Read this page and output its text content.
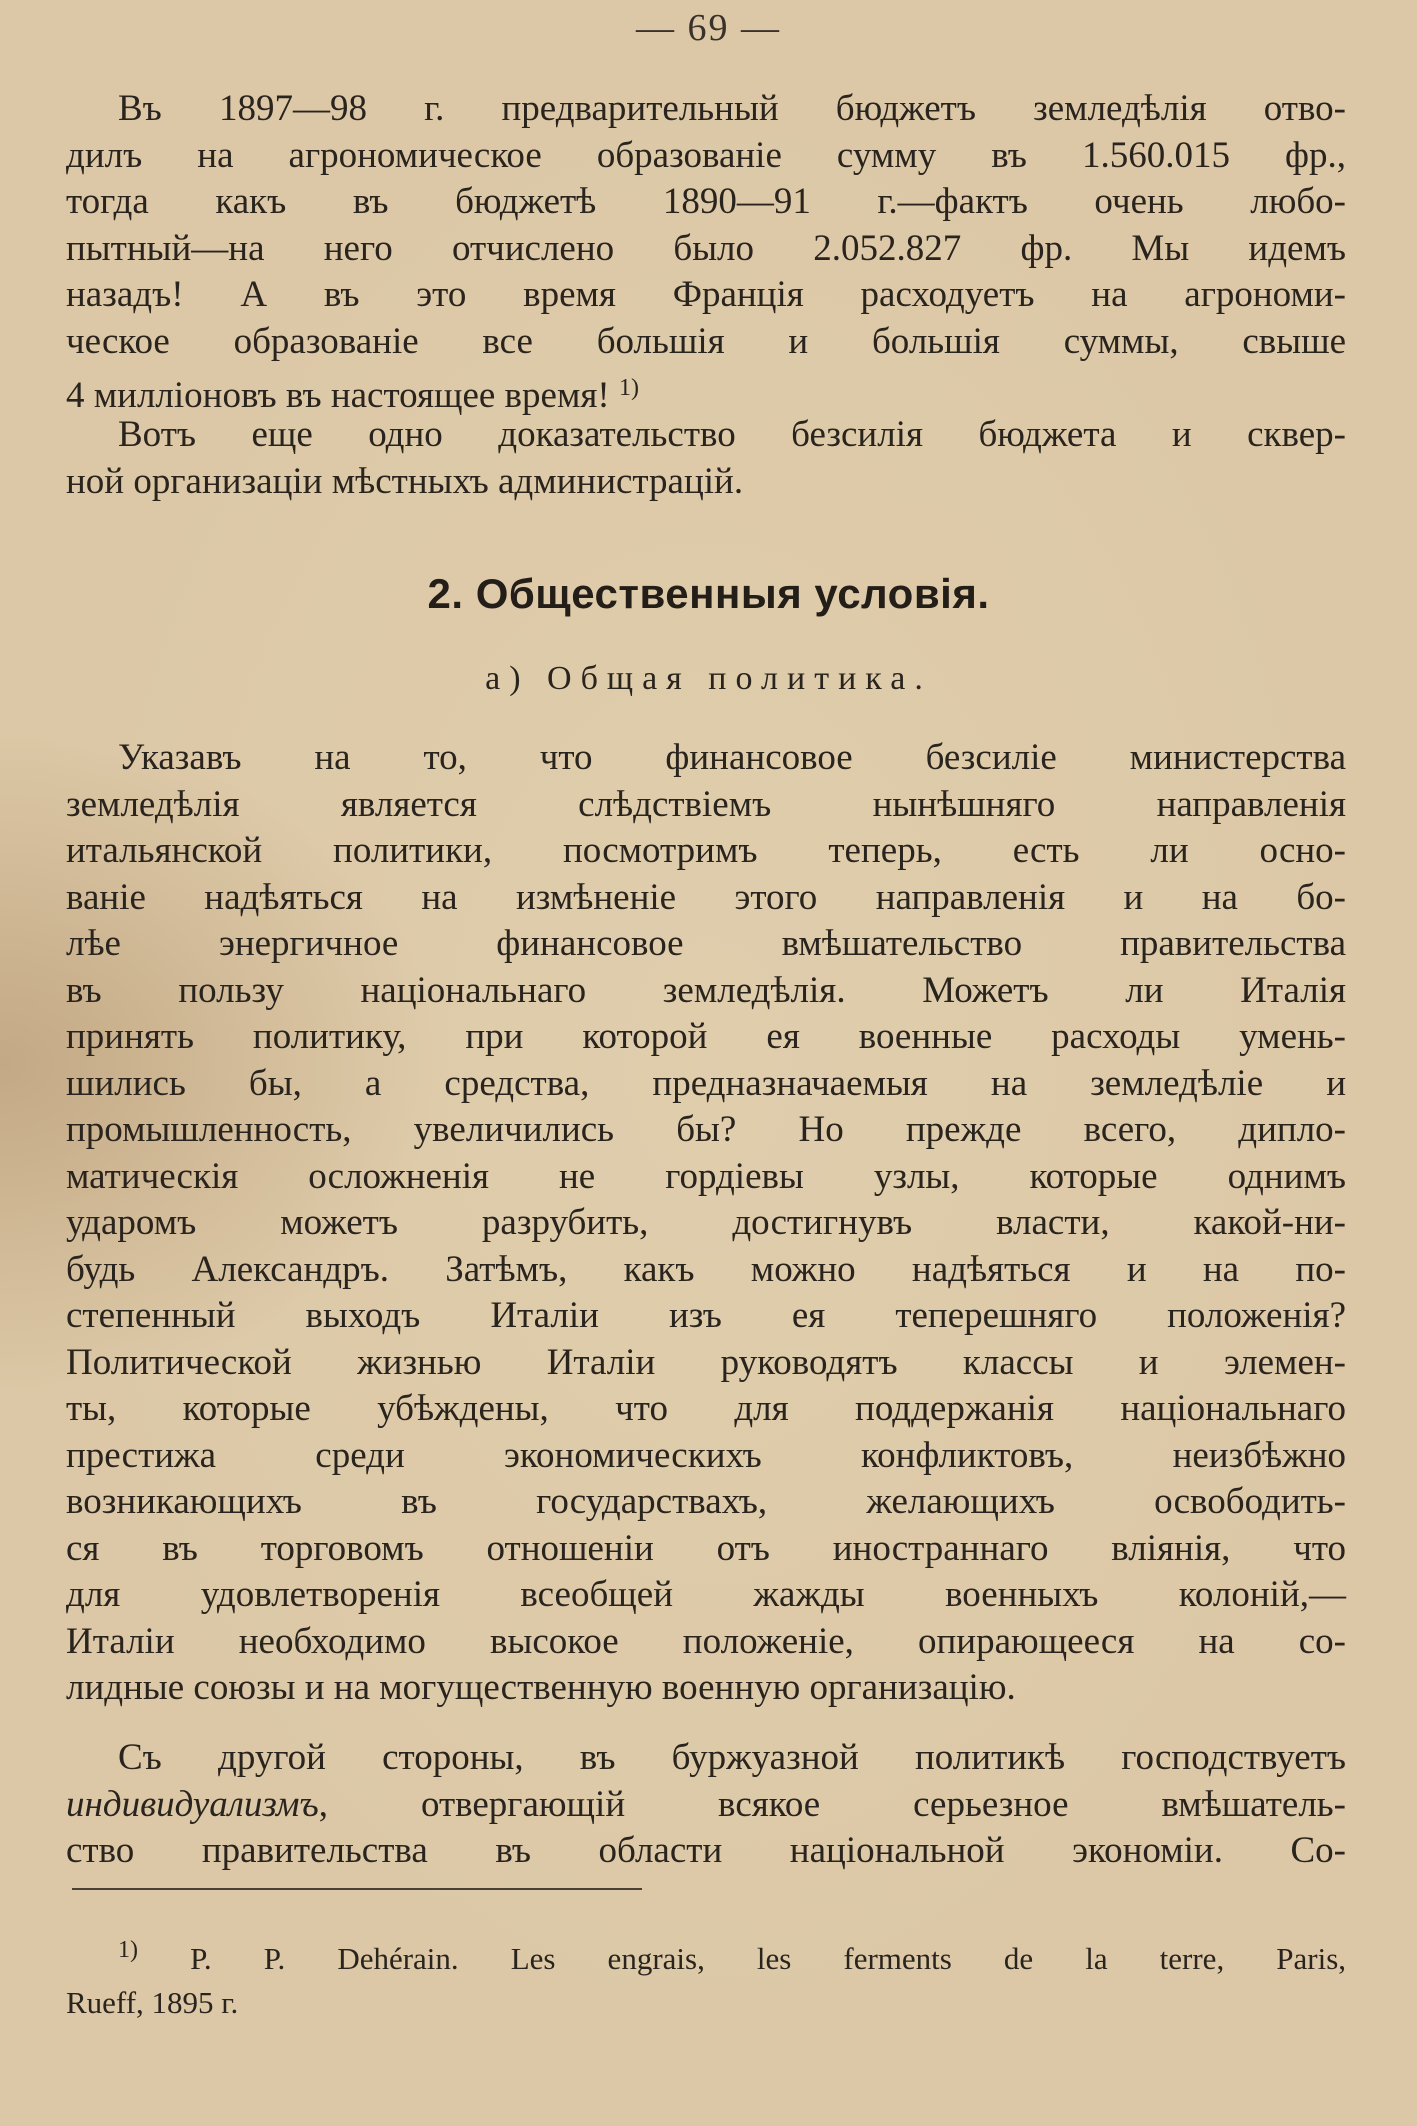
— 69 —
Въ 1897—98 г. предварительный бюджетъ земледѣлія отво-
дилъ на агрономическое образованіе сумму въ 1.560.015 фр.,
тогда какъ въ бюджетѣ 1890—91 г.—фактъ очень любо-
пытный—на него отчислено было 2.052.827 фр. Мы идемъ
назадъ! А въ это время Франція расходуетъ на агрономи-
ческое образованіе все большія и большія суммы, свыше
4 милліоновъ въ настоящее время! $^{1)}$
Вотъ еще одно доказательство безсилія бюджета и сквер-
ной организаціи мѣстныхъ администрацій.
2. Общественныя условія.
а) Общая политика.
Указавъ на то, что финансовое безсиліе министерства
земледѣлія является слѣдствіемъ нынѣшняго направленія
итальянской политики, посмотримъ теперь, есть ли осно-
ваніе надѣяться на измѣненіе этого направленія и на бо-
лѣе энергичное финансовое вмѣшательство правительства
въ пользу національнаго земледѣлія. Можетъ ли Италія
принять политику, при которой ея военные расходы умень-
шились бы, а средства, предназначаемыя на земледѣліе и
промышленность, увеличились бы? Но прежде всего, дипло-
матическія осложненія не гордіевы узлы, которые однимъ
ударомъ можетъ разрубить, достигнувъ власти, какой-ни-
будь Александръ. Затѣмъ, какъ можно надѣяться и на по-
степенный выходъ Италіи изъ ея теперешняго положенія?
Политической жизнью Италіи руководятъ классы и элемен-
ты, которые убѣждены, что для поддержанія національнаго
престижа среди экономическихъ конфликтовъ, неизбѣжно
возникающихъ въ государствахъ, желающихъ освободить-
ся въ торговомъ отношеніи отъ иностраннаго вліянія, что
для удовлетворенія всеобщей жажды военныхъ колоній,—
Италіи необходимо высокое положеніе, опирающееся на со-
лидные союзы и на могущественную военную организацію.
Съ другой стороны, въ буржуазной политикѣ господствуетъ
индивидуализмъ, отвергающій всякое серьезное вмѣшатель-
ство правительства въ области національной экономіи. Со-
$^{1)}$ P. P. Dehérain. Les engrais, les ferments de la terre, Paris,
Rueff, 1895 г.
